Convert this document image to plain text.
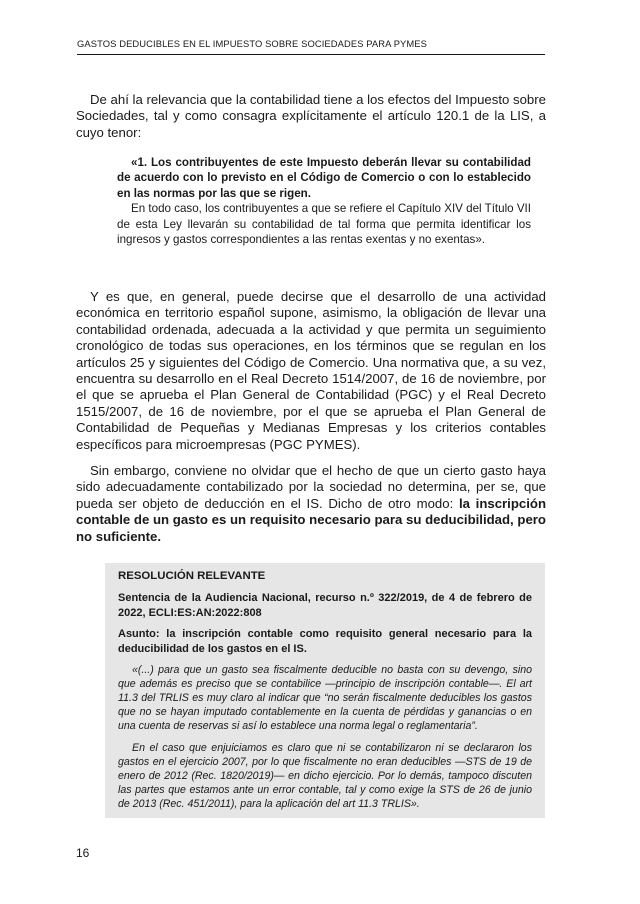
GASTOS DEDUCIBLES EN EL IMPUESTO SOBRE SOCIEDADES PARA PYMES

De ahí la relevancia que la contabilidad tiene a los efectos del Impuesto sobre Sociedades, tal y como consagra explícitamente el artículo 120.1 de la LIS, a cuyo tenor:

«1. Los contribuyentes de este Impuesto deberán llevar su contabilidad de acuerdo con lo previsto en el Código de Comercio o con lo establecido en las normas por las que se rigen.

En todo caso, los contribuyentes a que se refiere el Capítulo XIV del Título VII de esta Ley llevarán su contabilidad de tal forma que permita identificar los ingresos y gastos correspondientes a las rentas exentas y no exentas».

Y es que, en general, puede decirse que el desarrollo de una actividad económica en territorio español supone, asimismo, la obligación de llevar una contabilidad ordenada, adecuada a la actividad y que permita un seguimiento cronológico de todas sus operaciones, en los términos que se regulan en los artículos 25 y siguientes del Código de Comercio. Una normativa que, a su vez, encuentra su desarrollo en el Real Decreto 1514/2007, de 16 de noviembre, por el que se aprueba el Plan General de Contabilidad (PGC) y el Real Decreto 1515/2007, de 16 de noviembre, por el que se aprueba el Plan General de Contabilidad de Pequeñas y Medianas Empresas y los criterios contables específicos para microempresas (PGC PYMES).

Sin embargo, conviene no olvidar que el hecho de que un cierto gasto haya sido adecuadamente contabilizado por la sociedad no determina, per se, que pueda ser objeto de deducción en el IS. Dicho de otro modo: la inscripción contable de un gasto es un requisito necesario para su deducibilidad, pero no suficiente.

RESOLUCIÓN RELEVANTE
Sentencia de la Audiencia Nacional, recurso n.º 322/2019, de 4 de febrero de 2022, ECLI:ES:AN:2022:808
Asunto: la inscripción contable como requisito general necesario para la deducibilidad de los gastos en el IS.
«(...) para que un gasto sea fiscalmente deducible no basta con su devengo, sino que además es preciso que se contabilice —principio de inscripción contable—. El art 11.3 del TRLIS es muy claro al indicar que “no serán fiscalmente deducibles los gastos que no se hayan imputado contablemente en la cuenta de pérdidas y ganancias o en una cuenta de reservas si así lo establece una norma legal o reglamentaria”.
En el caso que enjuiciamos es claro que ni se contabilizaron ni se declararon los gastos en el ejercicio 2007, por lo que fiscalmente no eran deducibles —STS de 19 de enero de 2012 (Rec. 1820/2019)— en dicho ejercicio. Por lo demás, tampoco discuten las partes que estamos ante un error contable, tal y como exige la STS de 26 de junio de 2013 (Rec. 451/2011), para la aplicación del art 11.3 TRLIS».
16
